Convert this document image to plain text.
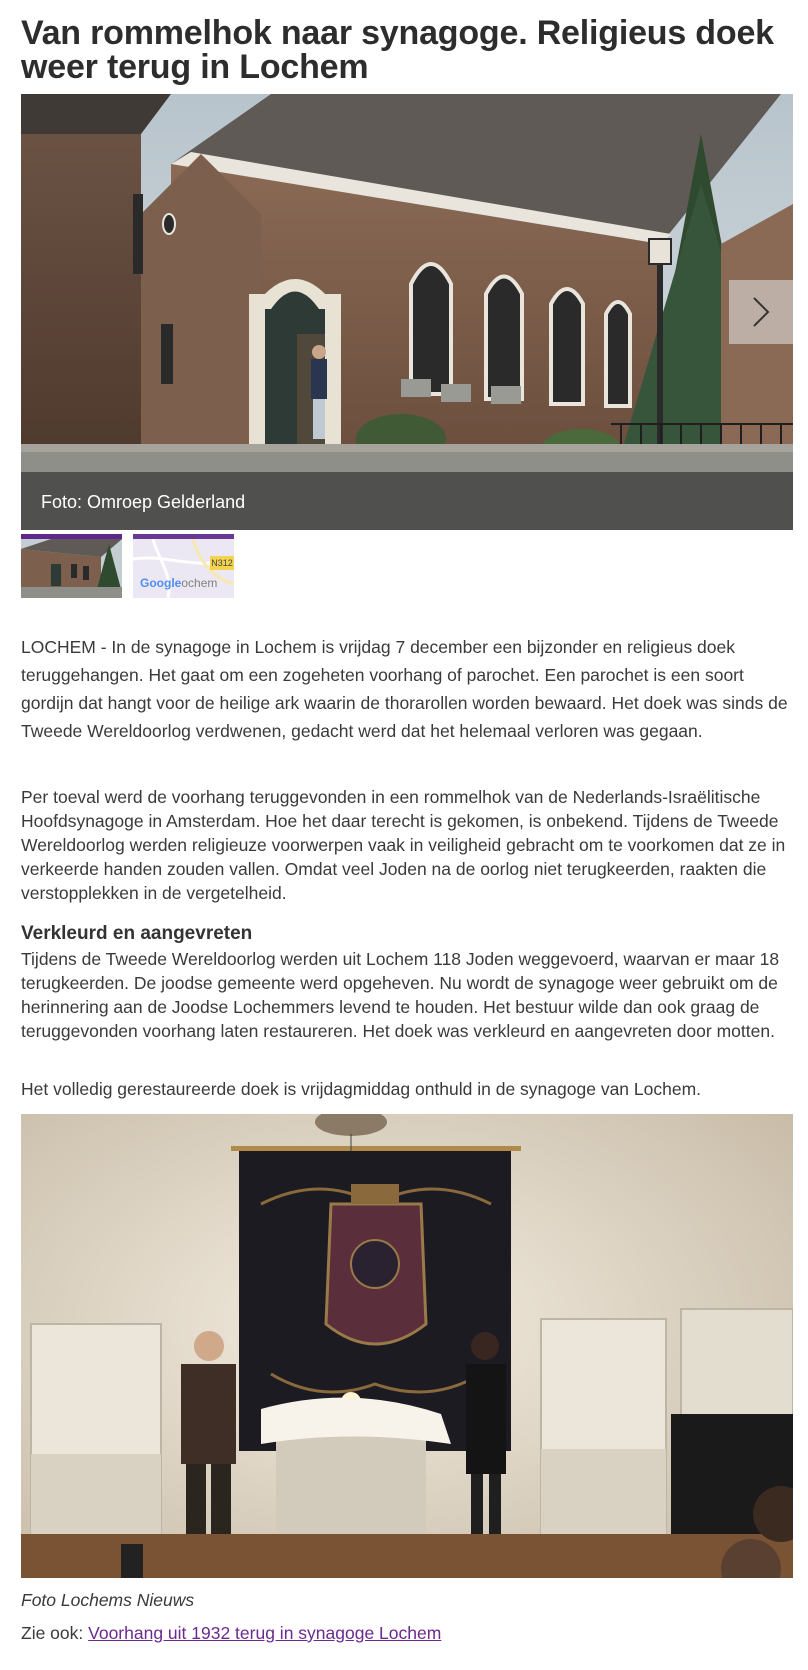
Van rommelhok naar synagoge. Religieus doek weer terug in Lochem
Foto: Omroep Gelderland
N312
Googleochem

LOCHEM - In de synagoge in Lochem is vrijdag 7 december een bijzonder en religieus doek teruggehangen. Het gaat om een zogeheten voorhang of parochet. Een parochet is een soort gordijn dat hangt voor de heilige ark waarin de thorarollen worden bewaard. Het doek was sinds de Tweede Wereldoorlog verdwenen, gedacht werd dat het helemaal verloren was gegaan.

Per toeval werd de voorhang teruggevonden in een rommelhok van de Nederlands-Israëlitische Hoofdsynagoge in Amsterdam. Hoe het daar terecht is gekomen, is onbekend. Tijdens de Tweede Wereldoorlog werden religieuze voorwerpen vaak in veiligheid gebracht om te voorkomen dat ze in verkeerde handen zouden vallen. Omdat veel Joden na de oorlog niet terugkeerden, raakten die verstopplekken in de vergetelheid.

Verkleurd en aangevreten

Tijdens de Tweede Wereldoorlog werden uit Lochem 118 Joden weggevoerd, waarvan er maar 18 terugkeerden. De joodse gemeente werd opgeheven. Nu wordt de synagoge weer gebruikt om de herinnering aan de Joodse Lochemmers levend te houden. Het bestuur wilde dan ook graag de teruggevonden voorhang laten restaureren. Het doek was verkleurd en aangevreten door motten.

Het volledig gerestaureerde doek is vrijdagmiddag onthuld in de synagoge van Lochem.

Foto Lochems Nieuws

Zie ook: Voorhang uit 1932 terug in synagoge Lochem
